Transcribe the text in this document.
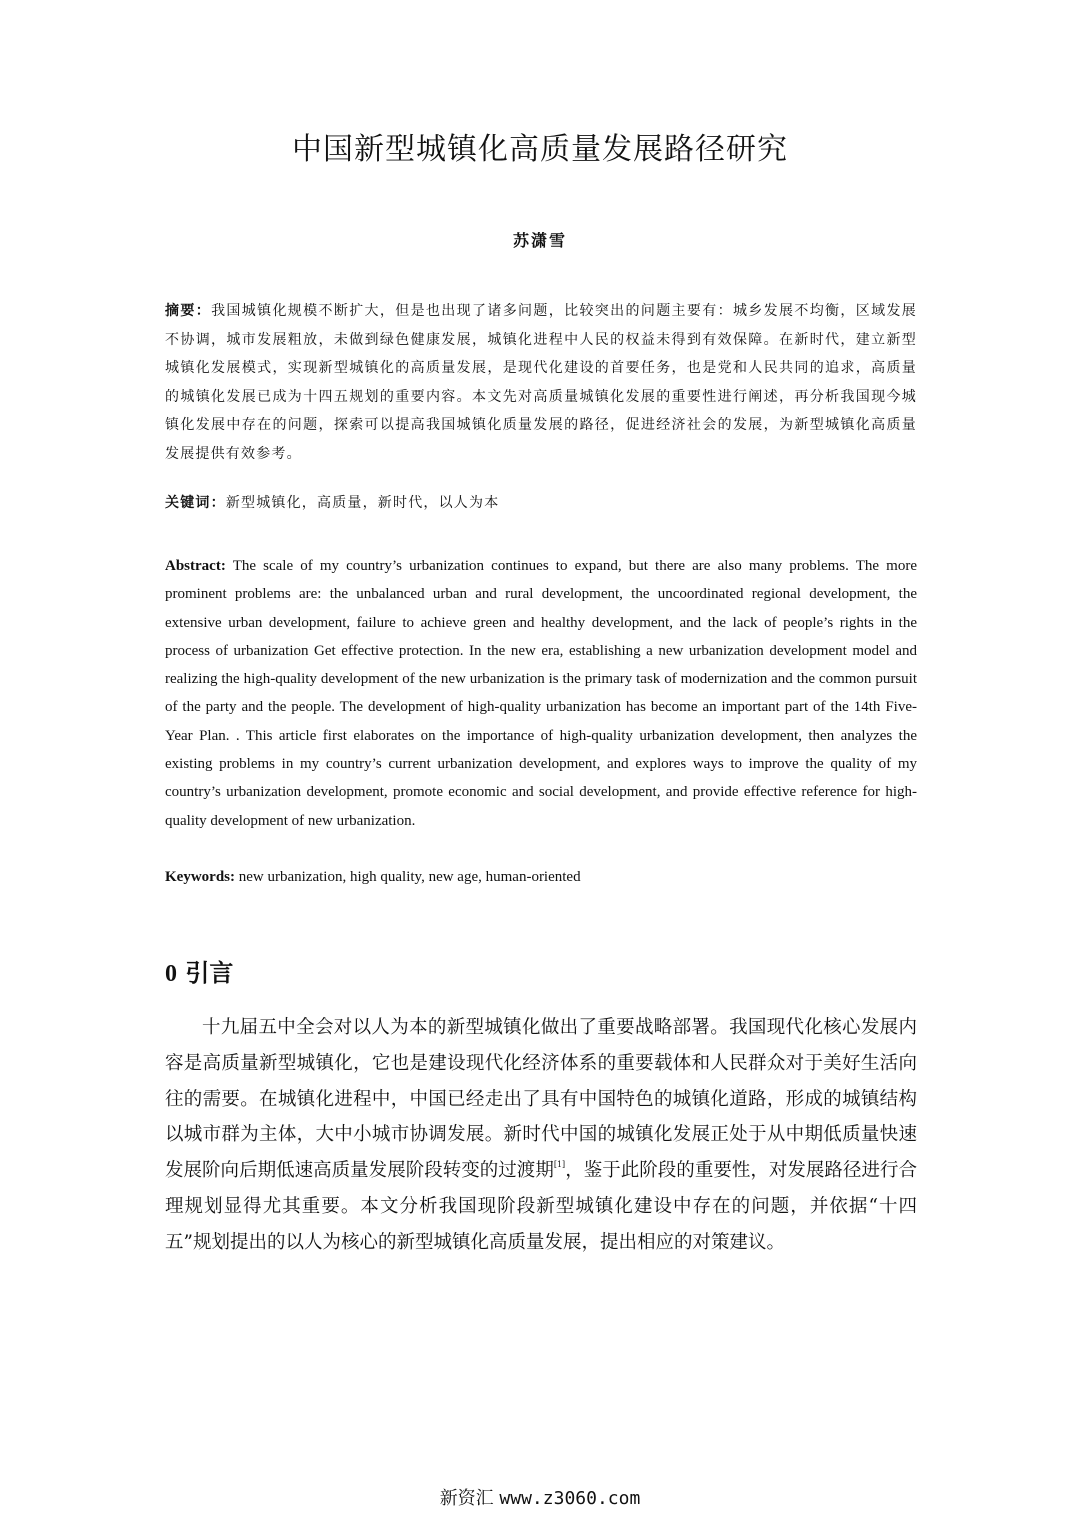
中国新型城镇化高质量发展路径研究
苏潇雪
摘要：我国城镇化规模不断扩大，但是也出现了诸多问题，比较突出的问题主要有：城乡发展不均衡，区域发展不协调，城市发展粗放，未做到绿色健康发展，城镇化进程中人民的权益未得到有效保障。在新时代，建立新型城镇化发展模式，实现新型城镇化的高质量发展，是现代化建设的首要任务，也是党和人民共同的追求，高质量的城镇化发展已成为十四五规划的重要内容。本文先对高质量城镇化发展的重要性进行阐述，再分析我国现今城镇化发展中存在的问题，探索可以提高我国城镇化质量发展的路径，促进经济社会的发展，为新型城镇化高质量发展提供有效参考。
关键词：新型城镇化，高质量，新时代，以人为本
Abstract: The scale of my country’s urbanization continues to expand, but there are also many problems. The more prominent problems are: the unbalanced urban and rural development, the uncoordinated regional development, the extensive urban development, failure to achieve green and healthy development, and the lack of people’s rights in the process of urbanization Get effective protection. In the new era, establishing a new urbanization development model and realizing the high-quality development of the new urbanization is the primary task of modernization and the common pursuit of the party and the people. The development of high-quality urbanization has become an important part of the 14th Five-Year Plan. . This article first elaborates on the importance of high-quality urbanization development, then analyzes the existing problems in my country’s current urbanization development, and explores ways to improve the quality of my country’s urbanization development, promote economic and social development, and provide effective reference for high-quality development of new urbanization.
Keywords: new urbanization, high quality, new age, human-oriented
0 引言
十九届五中全会对以人为本的新型城镇化做出了重要战略部署。我国现代化核心发展内容是高质量新型城镇化，它也是建设现代化经济体系的重要载体和人民群众对于美好生活向往的需要。在城镇化进程中，中国已经走出了具有中国特色的城镇化道路，形成的城镇结构以城市群为主体，大中小城市协调发展。新时代中国的城镇化发展正处于从中期低质量快速发展阶向后期低速高质量发展阶段转变的过渡期[1]，鉴于此阶段的重要性，对发展路径进行合理规划显得尤其重要。本文分析我国现阶段新型城镇化建设中存在的问题，并依据“十四五”规划提出的以人为核心的新型城镇化高质量发展，提出相应的对策建议。
新资汇 www.z3060.com
